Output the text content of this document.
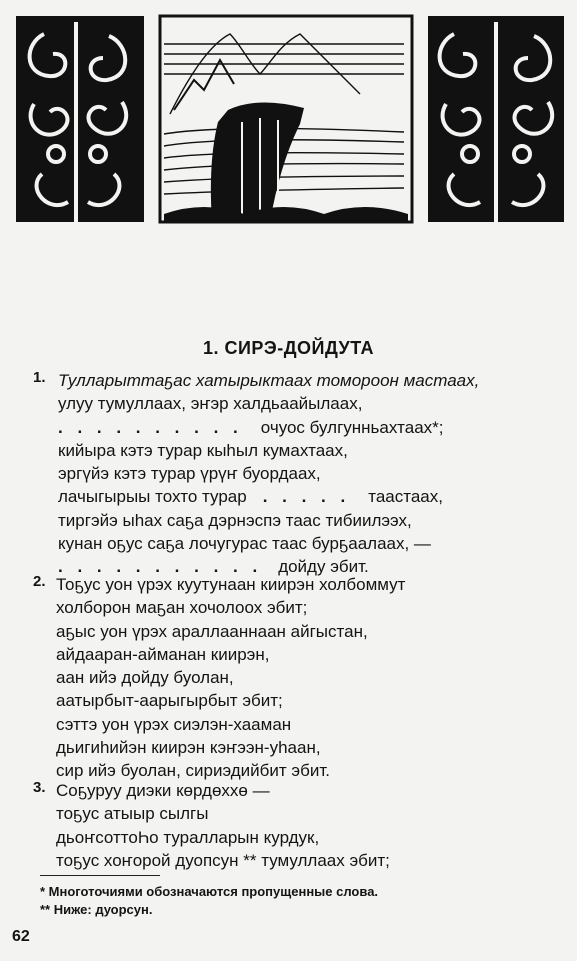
1. СИРЭ-ДОЙДУТА
1. Тулларыттаҕас хатырыктаах томороон мастаах,
улуу тумуллаах, эҥэр халдьаайылаах,
. . . . . . . . . . очуос булгунньахтаах*;
кийыра кэтэ турар кыһыл кумахтаах,
эргүйэ кэтэ турар үрүҥ буордаах,
лачыгырыы тохто турар . . . . . таастаах,
тиргэйэ ыhах саҕа дэрнэспэ таас тибиилээх,
кунан оҕус саҕа лочугурас таас бурҕаалаах, —
. . . . . . . . . . . дойду эбит.
2. Тоҕус уон үрэх куутунаан киирэн холбоммут
холборон маҕан хочолоох эбит;
аҕыс уон үрэх араллааннаан айгыстан,
айдааран-айманан киирэн,
аан ийэ дойду буолан,
аатырбыт-аарыгырбыт эбит;
сэттэ уон үрэх сиэлэн-хааман
дьигиһийэн киирэн кэҥээн-уһаан,
сир ийэ буолан, сириэдийбит эбит.
3. Соҕуруу диэки көрдөххө —
тоҕус атыыр сылгы
дьоҥсоттоҺо туралларын курдук,
тоҕус хоҥорой дуопсун ** тумуллаах эбит;
* Многоточиями обозначаются пропущенные слова.
** Ниже: дуорсун.
62
